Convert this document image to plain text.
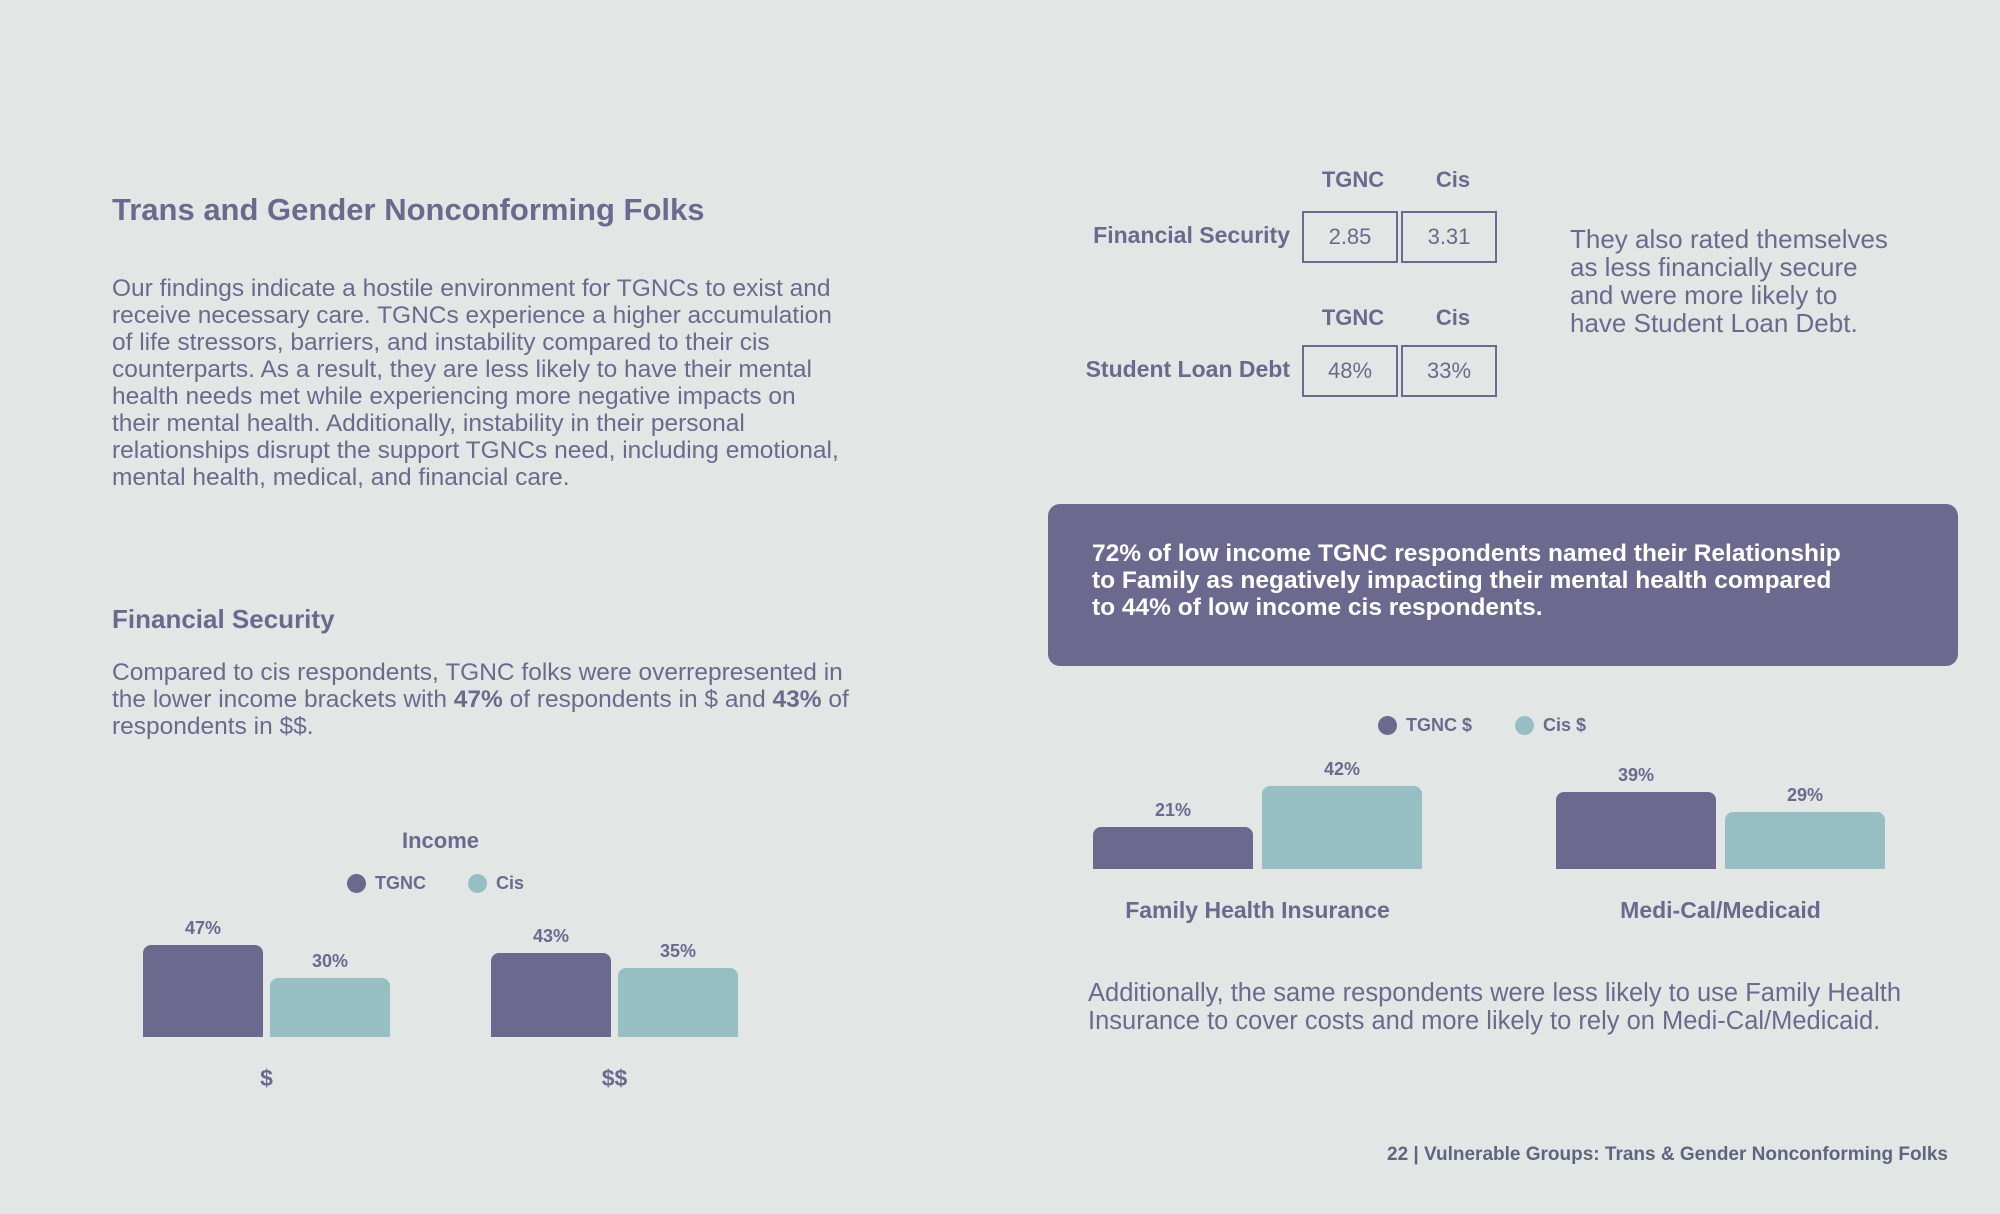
Trans and Gender Nonconforming Folks
Our findings indicate a hostile environment for TGNCs to exist and receive necessary care. TGNCs experience a higher accumulation of life stressors, barriers, and instability compared to their cis counterparts. As a result, they are less likely to have their mental health needs met while experiencing more negative impacts on their mental health. Additionally, instability in their personal relationships disrupt the support TGNCs need, including emotional, mental health, medical, and financial care.
Financial Security
Compared to cis respondents, TGNC folks were overrepresented in the lower income brackets with 47% of respondents in $ and 43% of respondents in $$.
Income
TGNC	Cis
47%
30%
$
43%
35%
$$
TGNC	Cis
Financial Security	2.85	3.31
TGNC	Cis
Student Loan Debt	48%	33%
They also rated themselves as less financially secure and were more likely to have Student Loan Debt.
72% of low income TGNC respondents named their Relationship to Family as negatively impacting their mental health compared to 44% of low income cis respondents.
TGNC $	Cis $
21%
42%
Family Health Insurance
39%
29%
Medi-Cal/Medicaid
Additionally, the same respondents were less likely to use Family Health Insurance to cover costs and more likely to rely on Medi-Cal/Medicaid.
22 | Vulnerable Groups: Trans & Gender Nonconforming Folks
